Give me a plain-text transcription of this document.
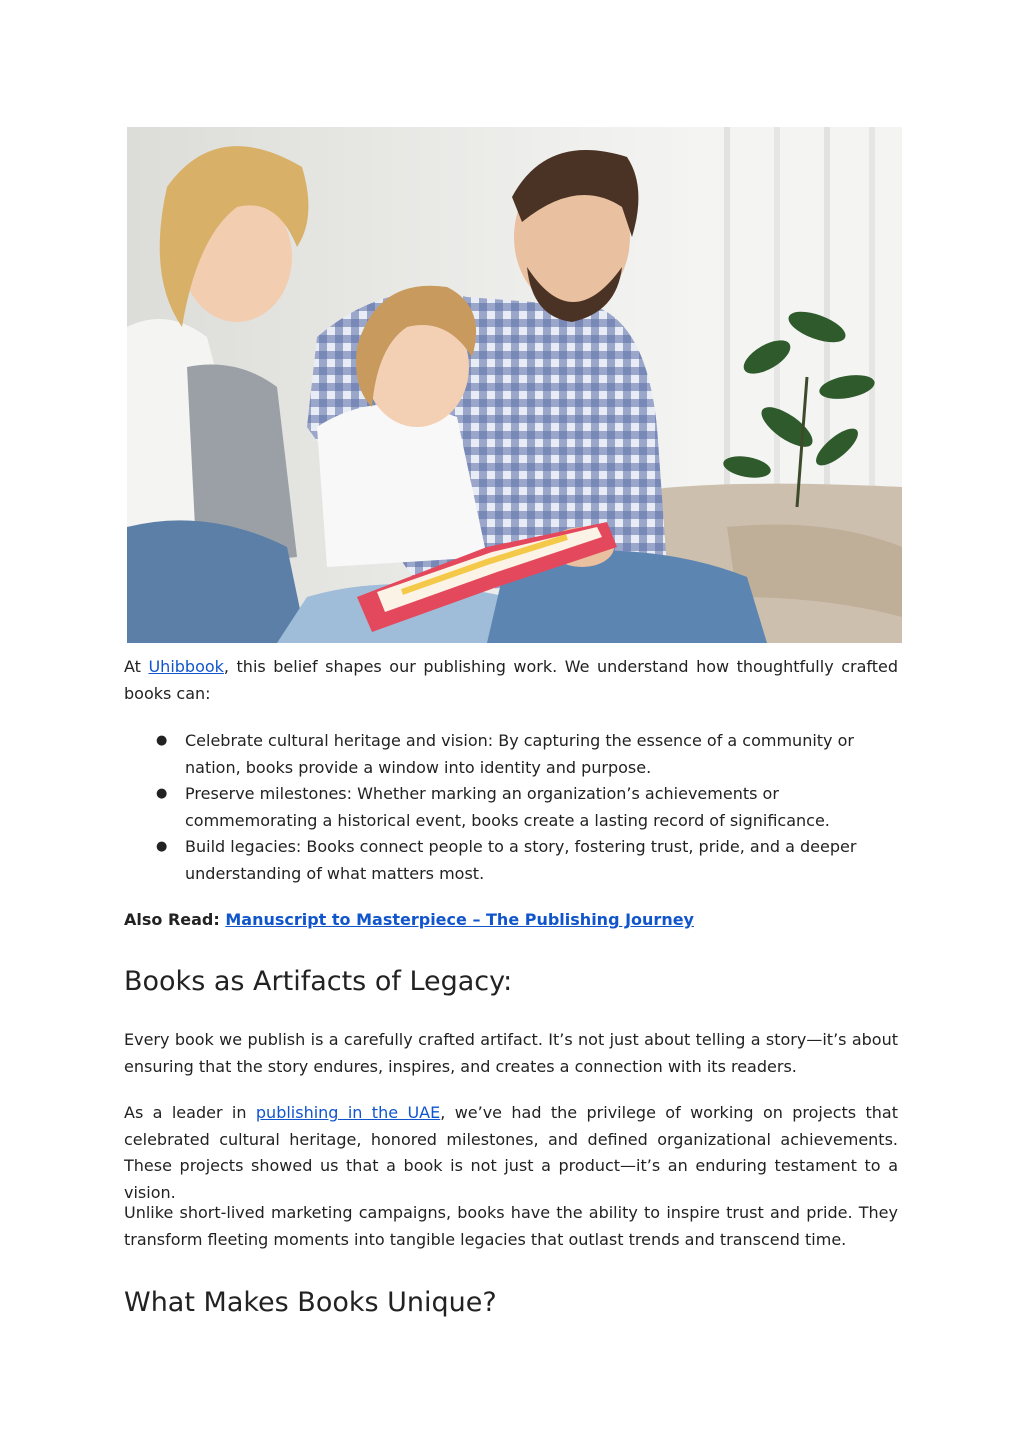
At Uhibbook, this belief shapes our publishing work. We understand how thoughtfully crafted books can:

● Celebrate cultural heritage and vision: By capturing the essence of a community or nation, books provide a window into identity and purpose.
● Preserve milestones: Whether marking an organization’s achievements or commemorating a historical event, books create a lasting record of significance.
● Build legacies: Books connect people to a story, fostering trust, pride, and a deeper understanding of what matters most.

Also Read: Manuscript to Masterpiece – The Publishing Journey

Books as Artifacts of Legacy:

Every book we publish is a carefully crafted artifact. It’s not just about telling a story—it’s about ensuring that the story endures, inspires, and creates a connection with its readers.

As a leader in publishing in the UAE, we’ve had the privilege of working on projects that celebrated cultural heritage, honored milestones, and defined organizational achievements. These projects showed us that a book is not just a product—it’s an enduring testament to a vision.

Unlike short-lived marketing campaigns, books have the ability to inspire trust and pride. They transform fleeting moments into tangible legacies that outlast trends and transcend time.

What Makes Books Unique?
